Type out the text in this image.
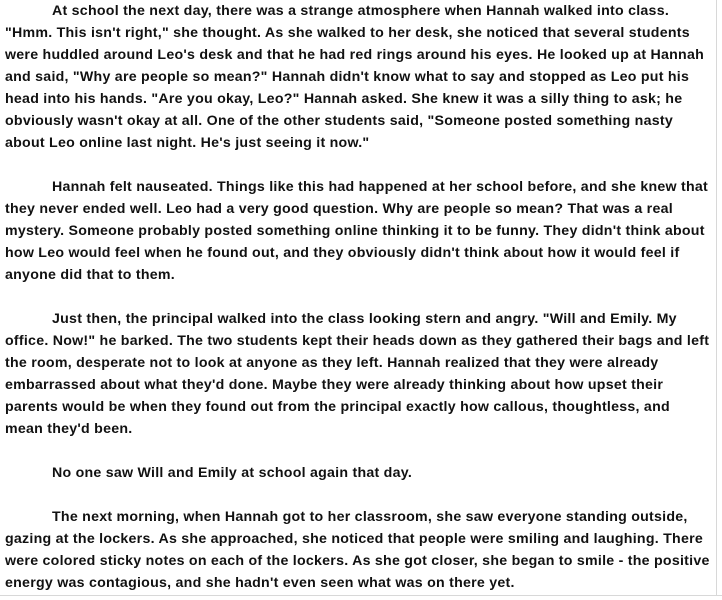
At school the next day, there was a strange atmosphere when Hannah walked into class. "Hmm. This isn't right," she thought. As she walked to her desk, she noticed that several students were huddled around Leo's desk and that he had red rings around his eyes. He looked up at Hannah and said, "Why are people so mean?" Hannah didn't know what to say and stopped as Leo put his head into his hands. "Are you okay, Leo?" Hannah asked. She knew it was a silly thing to ask; he obviously wasn't okay at all. One of the other students said, "Someone posted something nasty about Leo online last night. He's just seeing it now."

Hannah felt nauseated. Things like this had happened at her school before, and she knew that they never ended well. Leo had a very good question. Why are people so mean? That was a real mystery. Someone probably posted something online thinking it to be funny. They didn't think about how Leo would feel when he found out, and they obviously didn't think about how it would feel if anyone did that to them.

Just then, the principal walked into the class looking stern and angry. "Will and Emily. My office. Now!" he barked. The two students kept their heads down as they gathered their bags and left the room, desperate not to look at anyone as they left. Hannah realized that they were already embarrassed about what they'd done. Maybe they were already thinking about how upset their parents would be when they found out from the principal exactly how callous, thoughtless, and mean they'd been.

No one saw Will and Emily at school again that day.

The next morning, when Hannah got to her classroom, she saw everyone standing outside, gazing at the lockers. As she approached, she noticed that people were smiling and laughing. There were colored sticky notes on each of the lockers. As she got closer, she began to smile - the positive energy was contagious, and she hadn't even seen what was on there yet.
